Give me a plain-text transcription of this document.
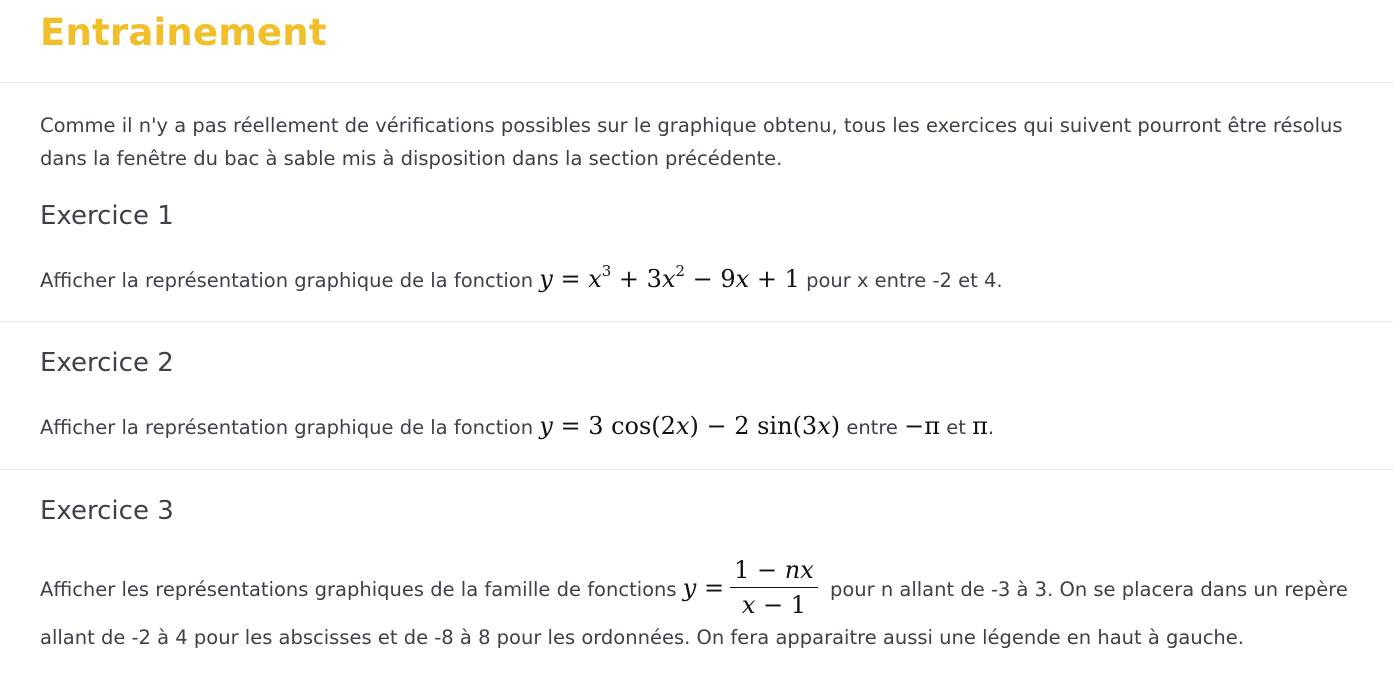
Entrainement

Comme il n'y a pas réellement de vérifications possibles sur le graphique obtenu, tous les exercices qui suivent pourront être résolus

dans la fenêtre du bac à sable mis à disposition dans la section précédente.

Exercice 1

Afficher la représentation graphique de la fonction $y = x^3 + 3x^2 - 9x + 1$ pour x entre -2 et 4.

Exercice 2

Afficher la représentation graphique de la fonction y = 3 cos(2x) − 2 sin(3x) entre −π et π.

Exercice 3

Afficher les représentations graphiques de la famille de fonctions $y = \frac{1 - nx}{x - 1}$ pour n allant de -3 à 3. On se placera dans un repère

allant de -2 à 4 pour les abscisses et de -8 à 8 pour les ordonnées. On fera apparaitre aussi une légende en haut à gauche.
